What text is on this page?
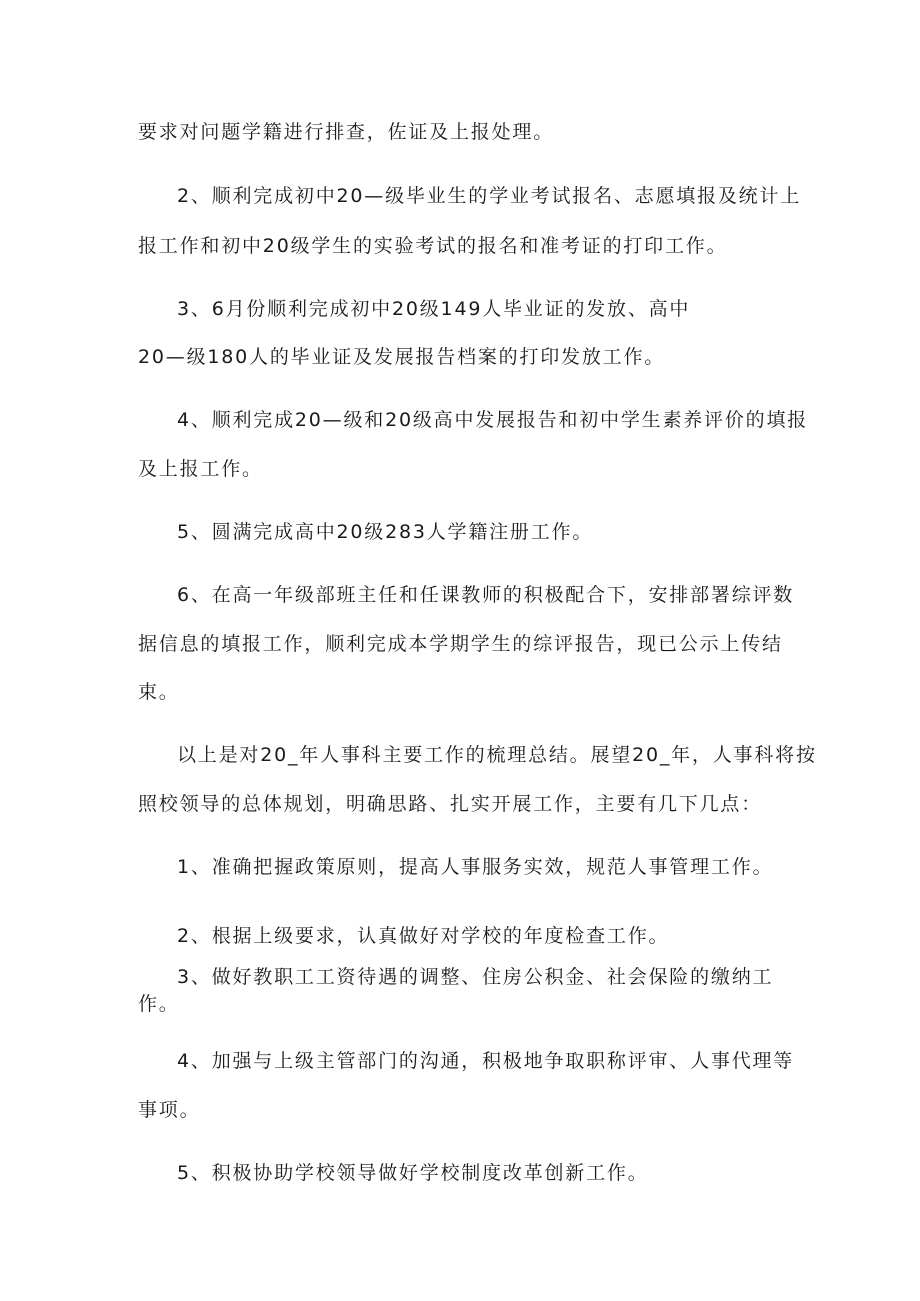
要求对问题学籍进行排查，佐证及上报处理。
2、顺利完成初中20—级毕业生的学业考试报名、志愿填报及统计上
报工作和初中20级学生的实验考试的报名和准考证的打印工作。
3、6月份顺利完成初中20级149人毕业证的发放、高中
20—级180人的毕业证及发展报告档案的打印发放工作。
4、顺利完成20—级和20级高中发展报告和初中学生素养评价的填报
及上报工作。
5、圆满完成高中20级283人学籍注册工作。
6、在高一年级部班主任和任课教师的积极配合下，安排部署综评数
据信息的填报工作，顺利完成本学期学生的综评报告，现已公示上传结
束。
以上是对20_年人事科主要工作的梳理总结。展望20_年，人事科将按
照校领导的总体规划，明确思路、扎实开展工作，主要有几下几点：
1、准确把握政策原则，提高人事服务实效，规范人事管理工作。
2、根据上级要求，认真做好对学校的年度检查工作。
3、做好教职工工资待遇的调整、住房公积金、社会保险的缴纳工
作。
4、加强与上级主管部门的沟通，积极地争取职称评审、人事代理等
事项。
5、积极协助学校领导做好学校制度改革创新工作。
